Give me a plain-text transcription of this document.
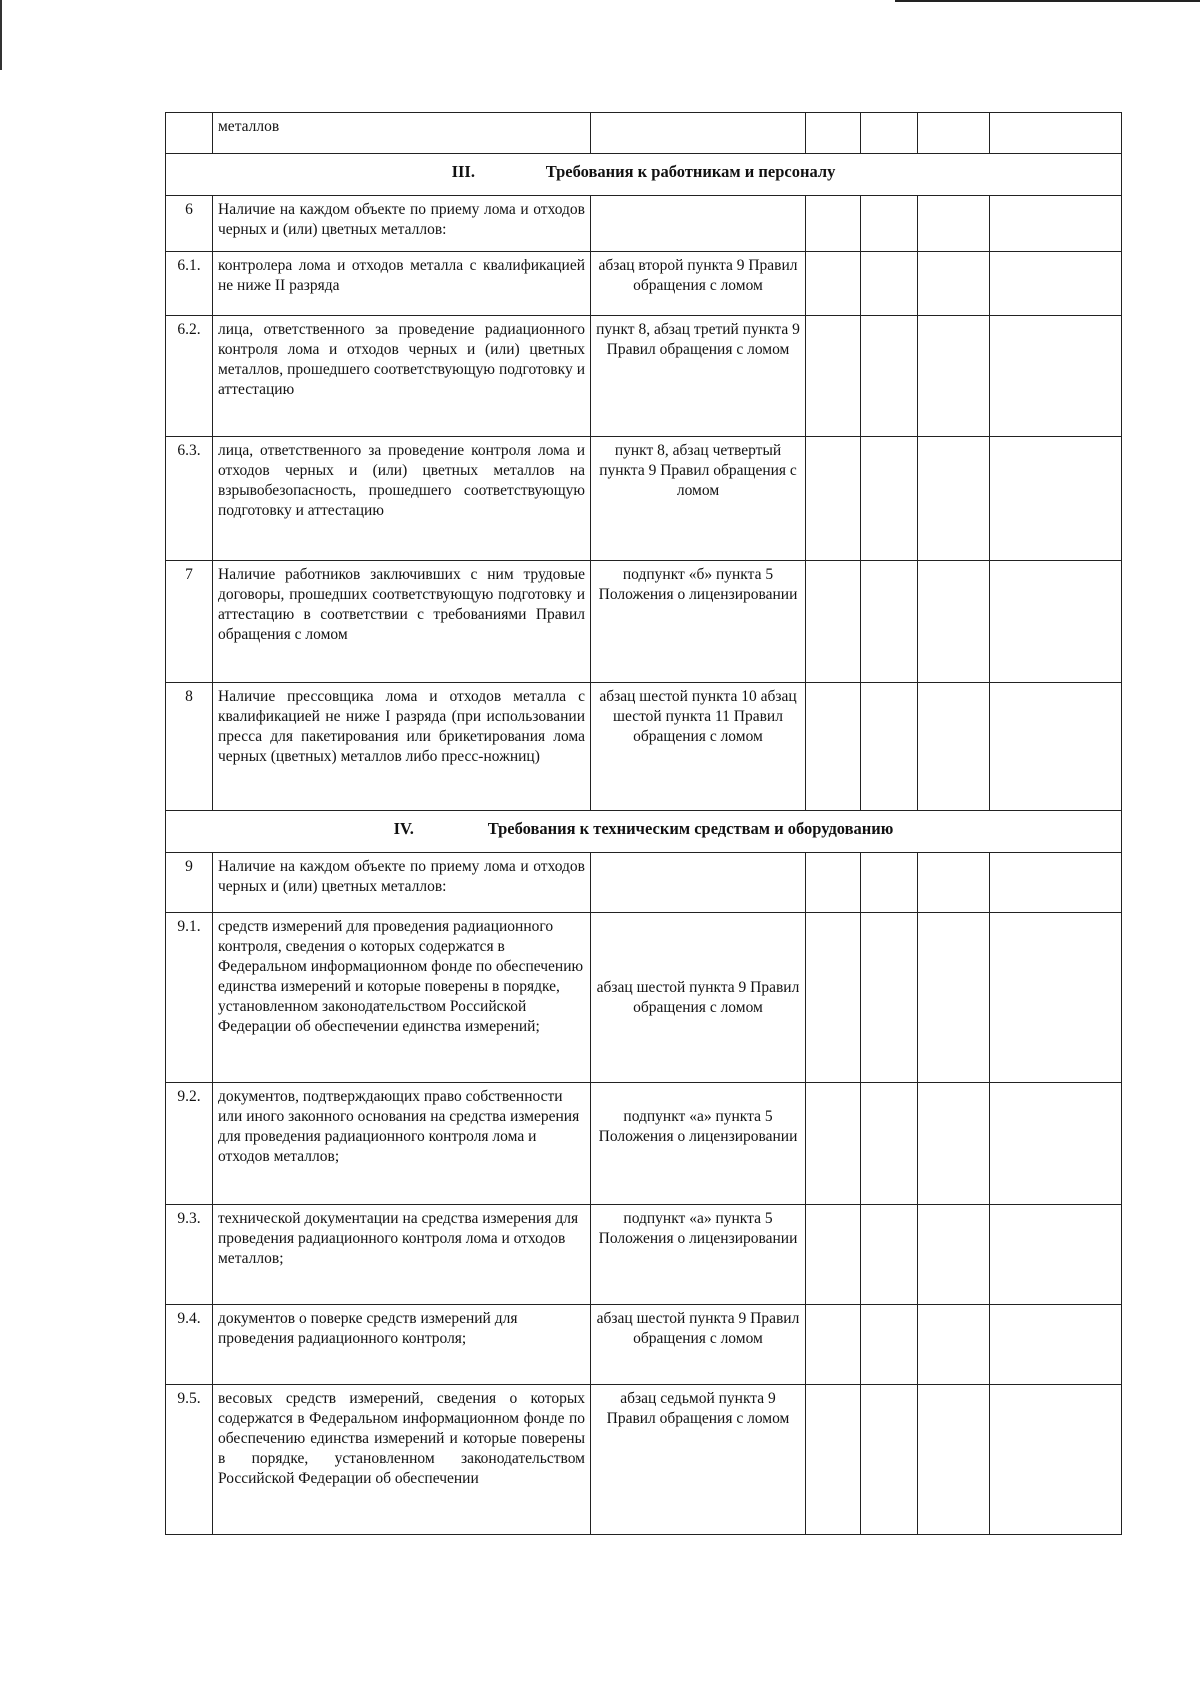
	металлов					
III. Требования к работникам и персоналу						
6	Наличие на каждом объекте по приему лома и отходов черных и (или) цветных металлов:					
6.1.	контролера лома и отходов металла с квалификацией не ниже II разряда	абзац второй пункта 9 Правил обращения с ломом				
6.2.	лица, ответственного за проведение радиационного контроля лома и отходов черных и (или) цветных металлов, прошедшего соответствующую подготовку и аттестацию	пункт 8, абзац третий пункта 9 Правил обращения с ломом				
6.3.	лица, ответственного за проведение контроля лома и отходов черных и (или) цветных металлов на взрывобезопасность, прошедшего соответствующую подготовку и аттестацию	пункт 8, абзац четвертый пункта 9 Правил обращения с ломом				
7	Наличие работников заключивших с ним трудовые договоры, прошедших соответствующую подготовку и аттестацию в соответствии с требованиями Правил обращения с ломом	подпункт «б» пункта 5 Положения о лицензировании				
8	Наличие прессовщика лома и отходов металла с квалификацией не ниже I разряда (при использовании пресса для пакетирования или брикетирования лома черных (цветных) металлов либо пресс-ножниц)	абзац шестой пункта 10 абзац шестой пункта 11 Правил обращения с ломом				
IV. Требования к техническим средствам и оборудованию						
9	Наличие на каждом объекте по приему лома и отходов черных и (или) цветных металлов:					
9.1.	средств измерений для проведения радиационного контроля, сведения о которых содержатся в Федеральном информационном фонде по обеспечению единства измерений и которые поверены в порядке, установленном законодательством Российской Федерации об обеспечении единства измерений;	абзац шестой пункта 9 Правил обращения с ломом				
9.2.	документов, подтверждающих право собственности или иного законного основания на средства измерения для проведения радиационного контроля лома и отходов металлов;	подпункт «а» пункта 5 Положения о лицензировании				
9.3.	технической документации на средства измерения для проведения радиационного контроля лома и отходов металлов;	подпункт «а» пункта 5 Положения о лицензировании				
9.4.	документов о поверке средств измерений для проведения радиационного контроля;	абзац шестой пункта 9 Правил обращения с ломом				
9.5.	весовых средств измерений, сведения о которых содержатся в Федеральном информационном фонде по обеспечению единства измерений и которые поверены в порядке, установленном законодательством Российской Федерации об обеспечении	абзац седьмой пункта 9 Правил обращения с ломом				
